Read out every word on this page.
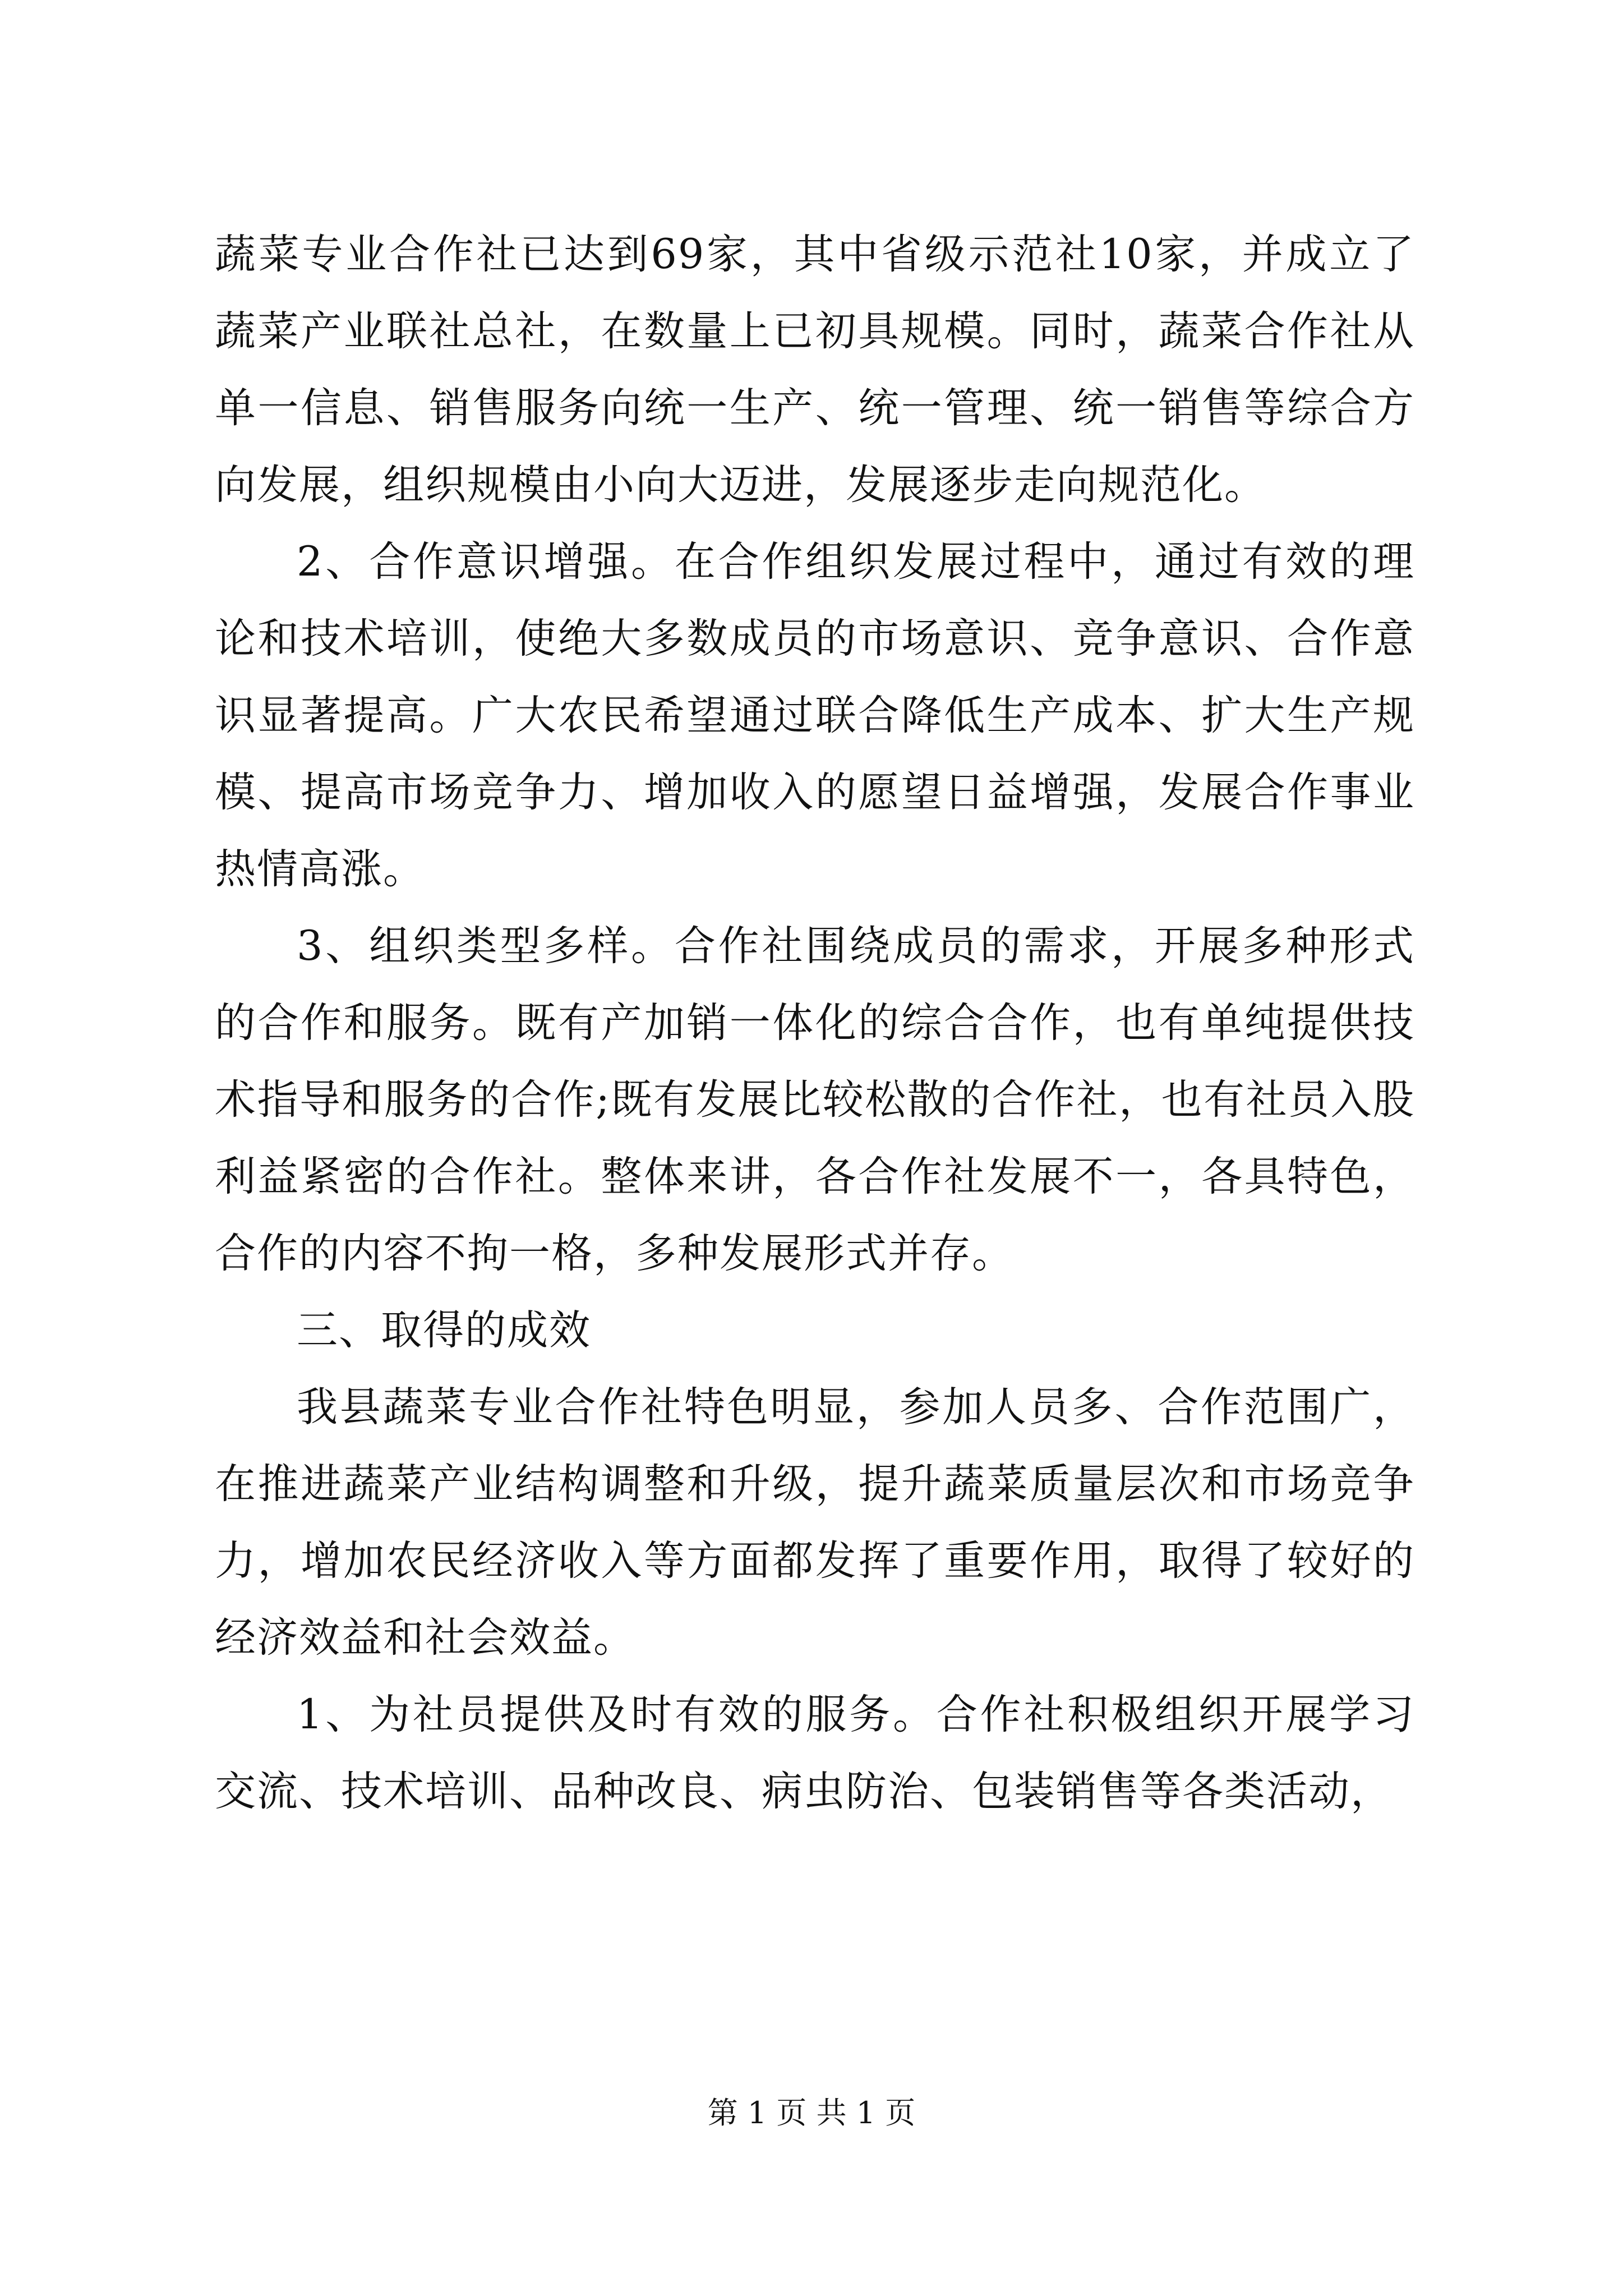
蔬菜专业合作社已达到69家，其中省级示范社10家，并成立了蔬菜产业联社总社，在数量上已初具规模。同时，蔬菜合作社从单一信息、销售服务向统一生产、统一管理、统一销售等综合方向发展，组织规模由小向大迈进，发展逐步走向规范化。

2、合作意识增强。在合作组织发展过程中，通过有效的理论和技术培训，使绝大多数成员的市场意识、竞争意识、合作意识显著提高。广大农民希望通过联合降低生产成本、扩大生产规模、提高市场竞争力、增加收入的愿望日益增强，发展合作事业热情高涨。

3、组织类型多样。合作社围绕成员的需求，开展多种形式的合作和服务。既有产加销一体化的综合合作，也有单纯提供技术指导和服务的合作;既有发展比较松散的合作社，也有社员入股利益紧密的合作社。整体来讲，各合作社发展不一，各具特色，合作的内容不拘一格，多种发展形式并存。

三、取得的成效

我县蔬菜专业合作社特色明显，参加人员多、合作范围广，在推进蔬菜产业结构调整和升级，提升蔬菜质量层次和市场竞争力，增加农民经济收入等方面都发挥了重要作用，取得了较好的经济效益和社会效益。

1、为社员提供及时有效的服务。合作社积极组织开展学习交流、技术培训、品种改良、病虫防治、包装销售等各类活动，

第 1 页 共 1 页
